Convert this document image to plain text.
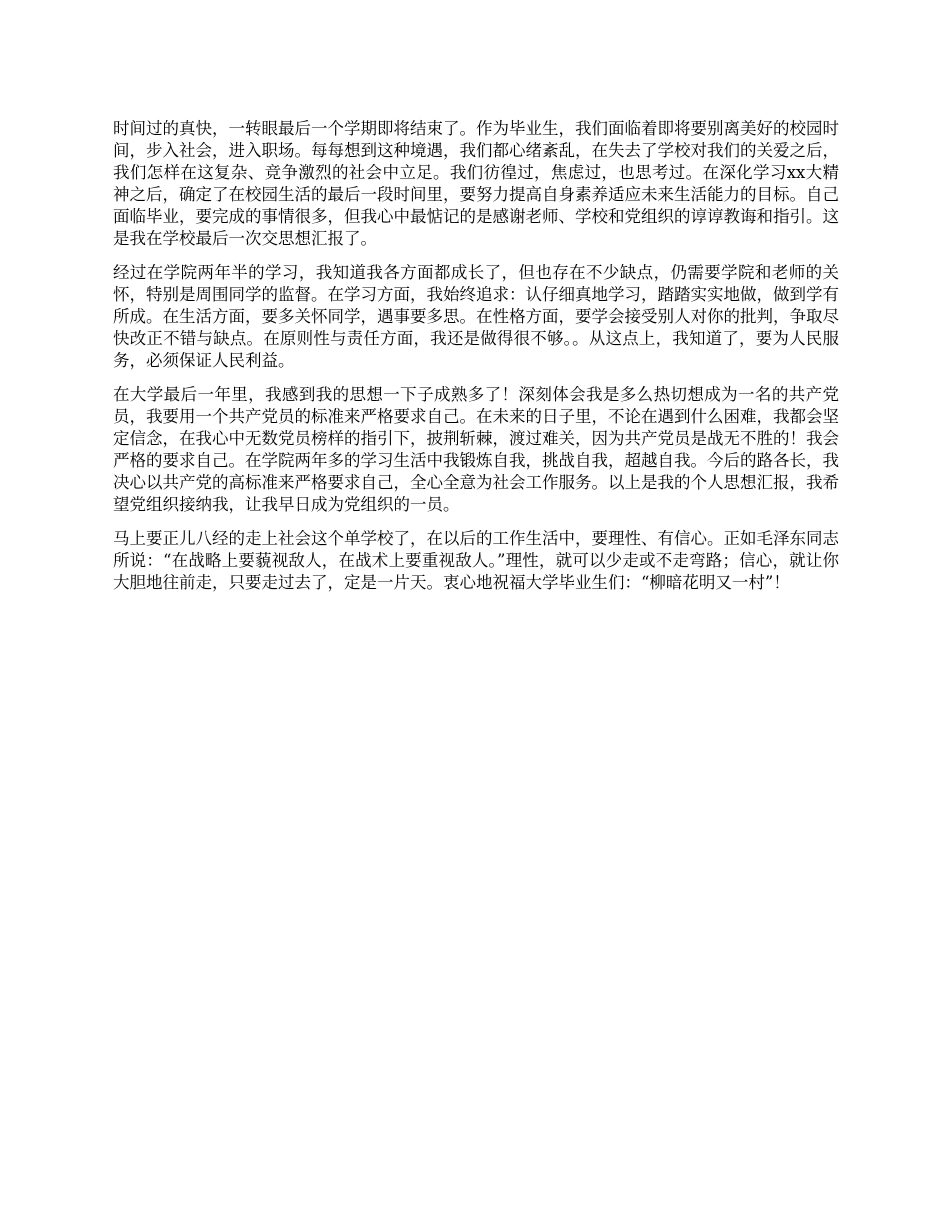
时间过的真快，一转眼最后一个学期即将结束了。作为毕业生，我们面临着即将要别离美好的校园时间，步入社会，进入职场。每每想到这种境遇，我们都心绪紊乱，在失去了学校对我们的关爱之后，我们怎样在这复杂、竞争激烈的社会中立足。我们彷徨过，焦虑过，也思考过。在深化学习xx大精神之后，确定了在校园生活的最后一段时间里，要努力提高自身素养适应未来生活能力的目标。自己面临毕业，要完成的事情很多，但我心中最惦记的是感谢老师、学校和党组织的谆谆教诲和指引。这是我在学校最后一次交思想汇报了。

经过在学院两年半的学习，我知道我各方面都成长了，但也存在不少缺点，仍需要学院和老师的关怀，特别是周围同学的监督。在学习方面，我始终追求：认仔细真地学习，踏踏实实地做，做到学有所成。在生活方面，要多关怀同学，遇事要多思。在性格方面，要学会接受别人对你的批判，争取尽快改正不错与缺点。在原则性与责任方面，我还是做得很不够。。从这点上，我知道了，要为人民服务，必须保证人民利益。

在大学最后一年里，我感到我的思想一下子成熟多了！深刻体会我是多么热切想成为一名的共产党员，我要用一个共产党员的标准来严格要求自己。在未来的日子里，不论在遇到什么困难，我都会坚定信念，在我心中无数党员榜样的指引下，披荆斩棘，渡过难关，因为共产党员是战无不胜的！我会严格的要求自己。在学院两年多的学习生活中我锻炼自我，挑战自我，超越自我。今后的路各长，我决心以共产党的高标准来严格要求自己，全心全意为社会工作服务。以上是我的个人思想汇报，我希望党组织接纳我，让我早日成为党组织的一员。

马上要正儿八经的走上社会这个单学校了，在以后的工作生活中，要理性、有信心。正如毛泽东同志所说：“在战略上要藐视敌人，在战术上要重视敌人。”理性，就可以少走或不走弯路；信心，就让你大胆地往前走，只要走过去了，定是一片天。衷心地祝福大学毕业生们：“柳暗花明又一村”！
